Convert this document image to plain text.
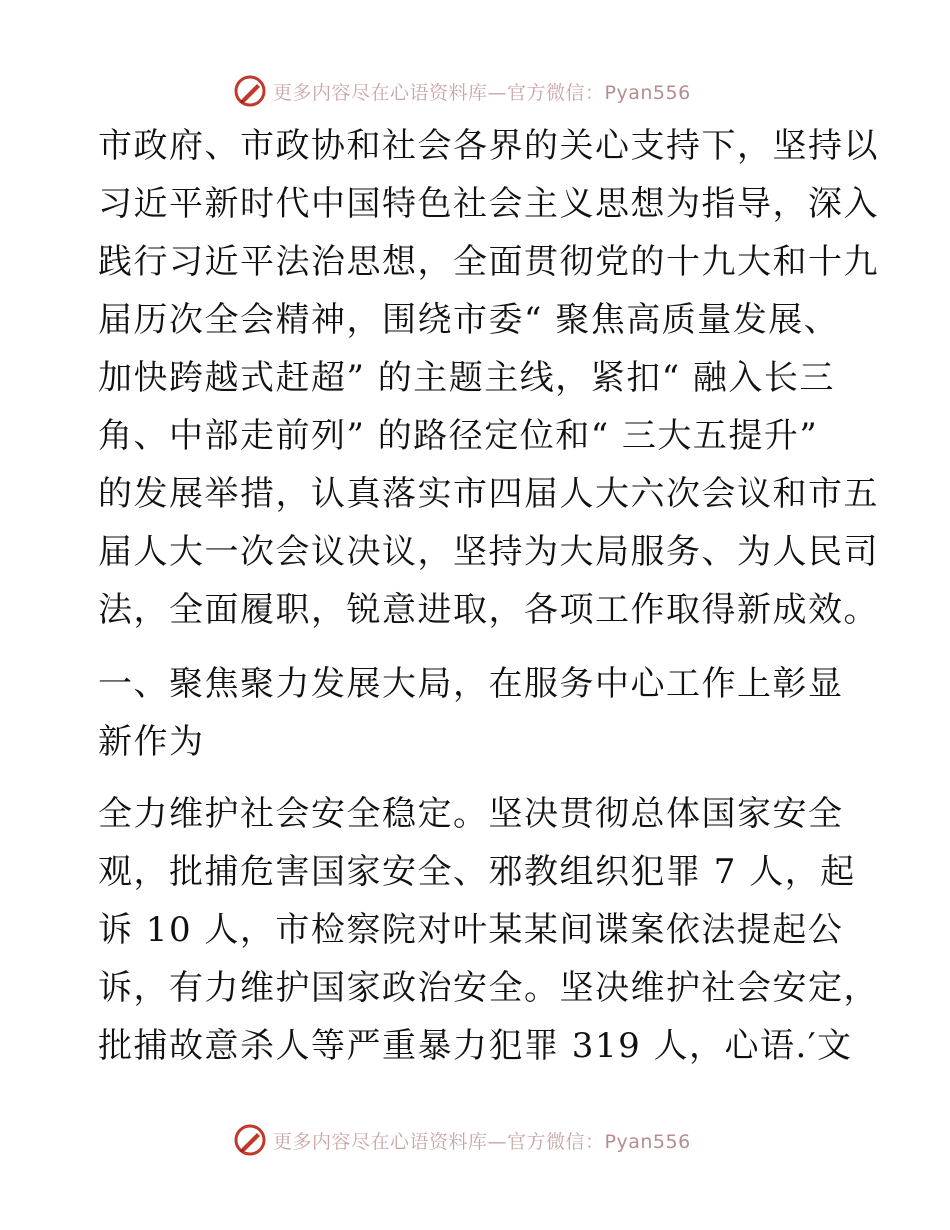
更多内容尽在心语资料库—官方微信：Pyan556

市政府、市政协和社会各界的关心支持下，坚持以
习近平新时代中国特色社会主义思想为指导，深入
践行习近平法治思想，全面贯彻党的十九大和十九
届历次全会精神，围绕市委“ 聚焦高质量发展、
加快跨越式赶超” 的主题主线，紧扣“ 融入长三
角、中部走前列” 的路径定位和“ 三大五提升”
的发展举措，认真落实市四届人大六次会议和市五
届人大一次会议决议，坚持为大局服务、为人民司
法，全面履职，锐意进取，各项工作取得新成效。

一、聚焦聚力发展大局，在服务中心工作上彰显
新作为

全力维护社会安全稳定。坚决贯彻总体国家安全
观，批捕危害国家安全、邪教组织犯罪 7 人，起
诉 10 人，市检察院对叶某某间谍案依法提起公
诉，有力维护国家政治安全。坚决维护社会安定，
批捕故意杀人等严重暴力犯罪 319 人，心语.′文

更多内容尽在心语资料库—官方微信：Pyan556
